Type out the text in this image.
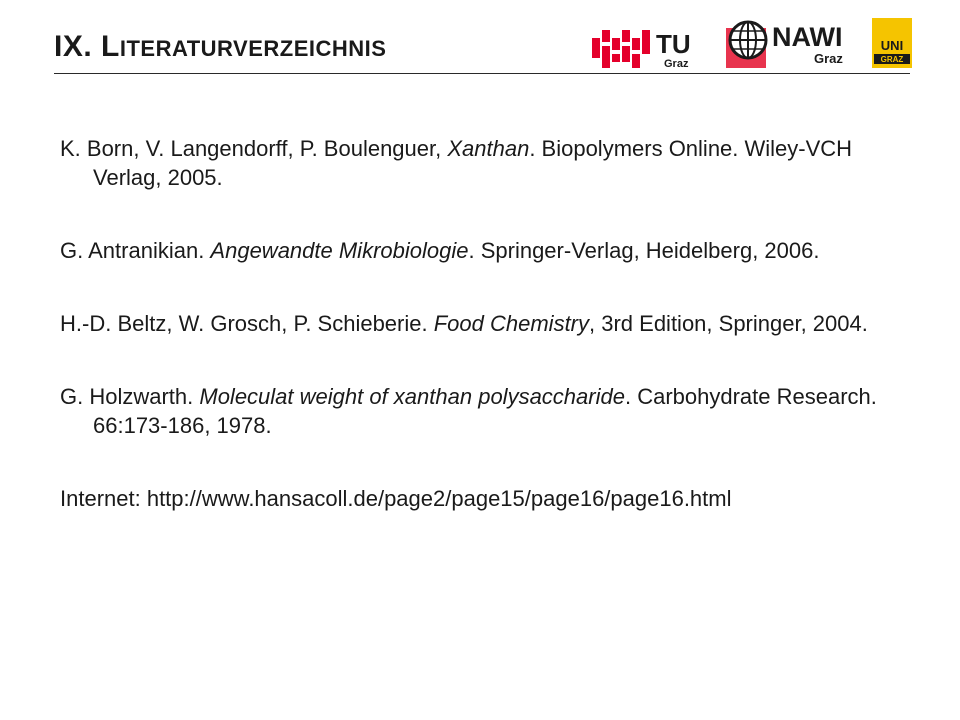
IX. LITERATURVERZEICHNIS	TU
Graz
NAWI
Graz
UNI
GRAZ

K. Born, V. Langendorff, P. Boulenguer, Xanthan. Biopolymers Online. Wiley-VCH Verlag, 2005.

G. Antranikian. Angewandte Mikrobiologie. Springer-Verlag, Heidelberg, 2006.

H.-D. Beltz, W. Grosch, P. Schieberie. Food Chemistry, 3rd Edition, Springer, 2004.

G. Holzwarth. Moleculat weight of xanthan polysaccharide. Carbohydrate Research. 66:173-186, 1978.

Internet: http://www.hansacoll.de/page2/page15/page16/page16.html
